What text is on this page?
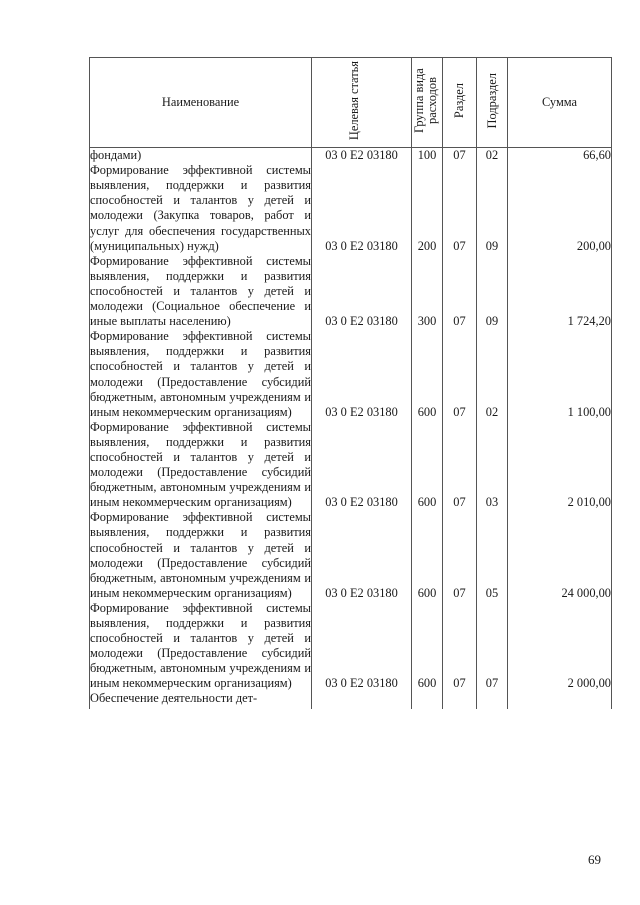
Наименование	Целевая статья	Группа вида расходов	Раздел	Подраздел	Сумма
фондами)	03 0 Е2 03180	100	07	02	66,60
Формирование эффективной системы выявления, поддержки и развития способностей и талантов у детей и молодежи (Закупка товаров, работ и услуг для обеспечения государственных (муниципальных) нужд)	03 0 Е2 03180	200	07	09	200,00
Формирование эффективной системы выявления, поддержки и развития способностей и талантов у детей и молодежи (Социальное обеспечение и иные выплаты населению)	03 0 Е2 03180	300	07	09	1 724,20
Формирование эффективной системы выявления, поддержки и развития способностей и талантов у детей и молодежи (Предоставление субсидий бюджетным, автономным учреждениям и иным некоммерческим организациям)	03 0 Е2 03180	600	07	02	1 100,00
Формирование эффективной системы выявления, поддержки и развития способностей и талантов у детей и молодежи (Предоставление субсидий бюджетным, автономным учреждениям и иным некоммерческим организациям)	03 0 Е2 03180	600	07	03	2 010,00
Формирование эффективной системы выявления, поддержки и развития способностей и талантов у детей и молодежи (Предоставление субсидий бюджетным, автономным учреждениям и иным некоммерческим организациям)	03 0 Е2 03180	600	07	05	24 000,00
Формирование эффективной системы выявления, поддержки и развития способностей и талантов у детей и молодежи (Предоставление субсидий бюджетным, автономным учреждениям и иным некоммерческим организациям)	03 0 Е2 03180	600	07	07	2 000,00
Обеспечение деятельности дет-					
69
